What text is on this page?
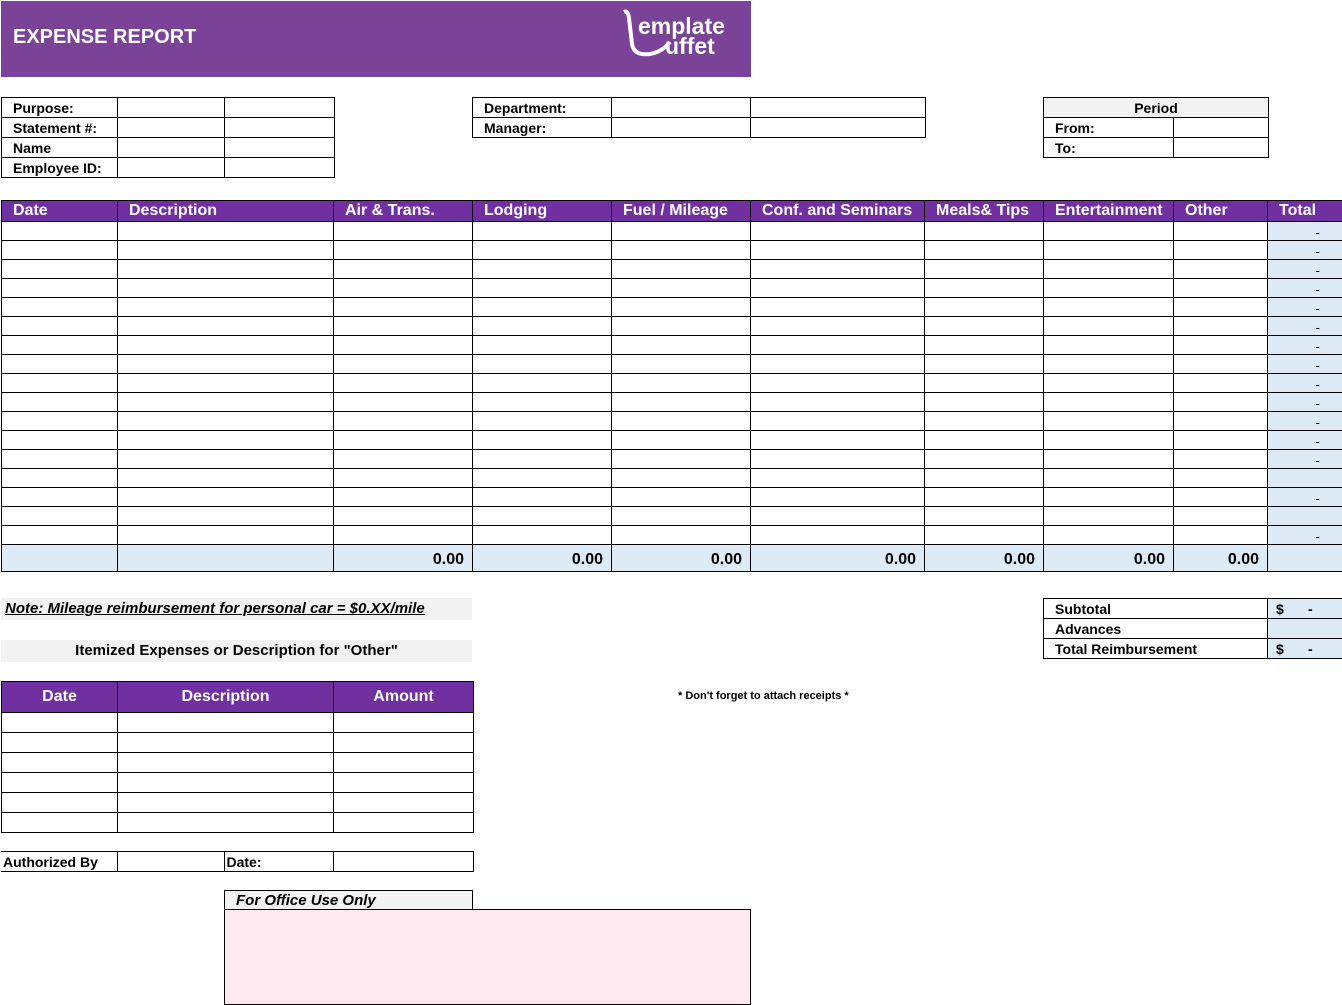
EXPENSE REPORT	emplate
uffet
Purpose:		
Statement #:		
Name		
Employee ID:		
Department:		
Manager:		
Period	
From:	
To:	
Date	Description	Air & Trans.	Lodging	Fuel / Mileage	Conf. and Seminars	Meals& Tips	Entertainment	Other	Total
									-
									-
									-
									-
									-
									-
									-
									-
									-
									-
									-
									-
									-

									-

									-
		0.00	0.00	0.00	0.00	0.00	0.00	0.00	
Note: Mileage reimbursement for personal car = $0.XX/mile
Itemized Expenses or Description for "Other"
Subtotal	$ -
Advances	
Total Reimbursement	$ -
* Don't forget to attach receipts *
Date	Description	Amount

Authorized By		Date:	
For Office Use Only
